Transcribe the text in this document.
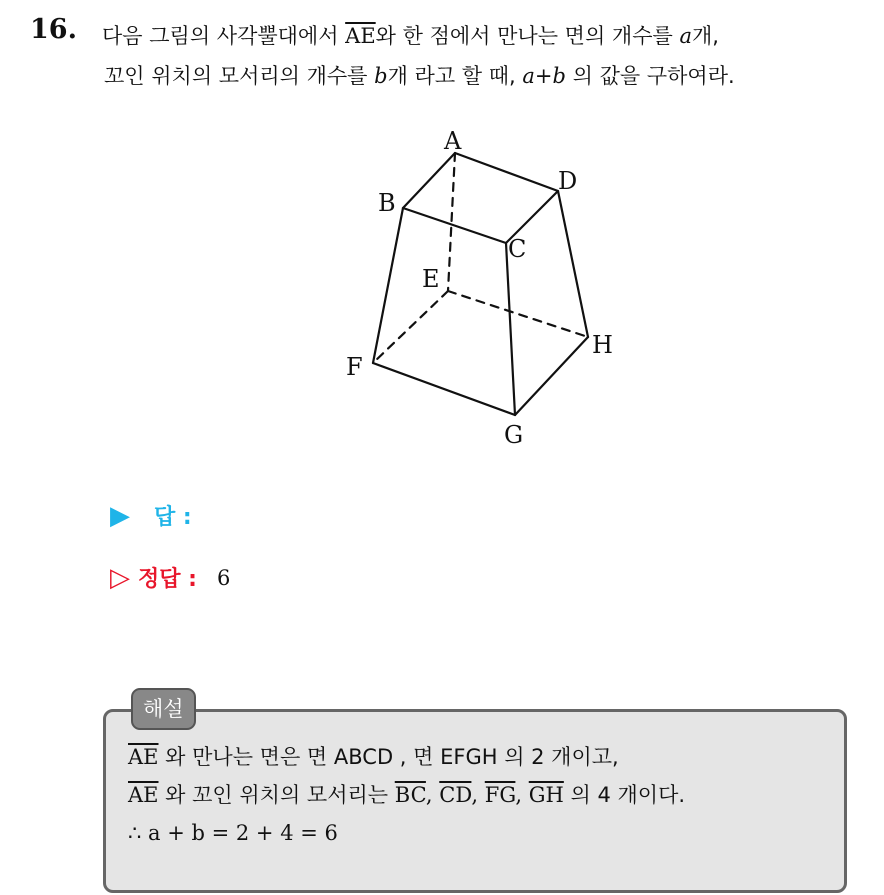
16. 다음 그림의 사각뿔대에서 $\overline{AE}$와 한 점에서 만나는 면의 개수를 a개,
꼬인 위치의 모서리의 개수를 b개 라고 할 때, a+b 의 값을 구하여라.
A
B
C
D
E
F
G
H
▶ 답 :
▷ 정답 : 6
해설
$\overline{AE}$ 와 만나는 면은 면 ABCD , 면 EFGH 의 2 개이고,
$\overline{AE}$ 와 꼬인 위치의 모서리는 $\overline{BC}$, $\overline{CD}$, $\overline{FG}$, $\overline{GH}$ 의 4 개이다.
∴ a + b = 2 + 4 = 6
